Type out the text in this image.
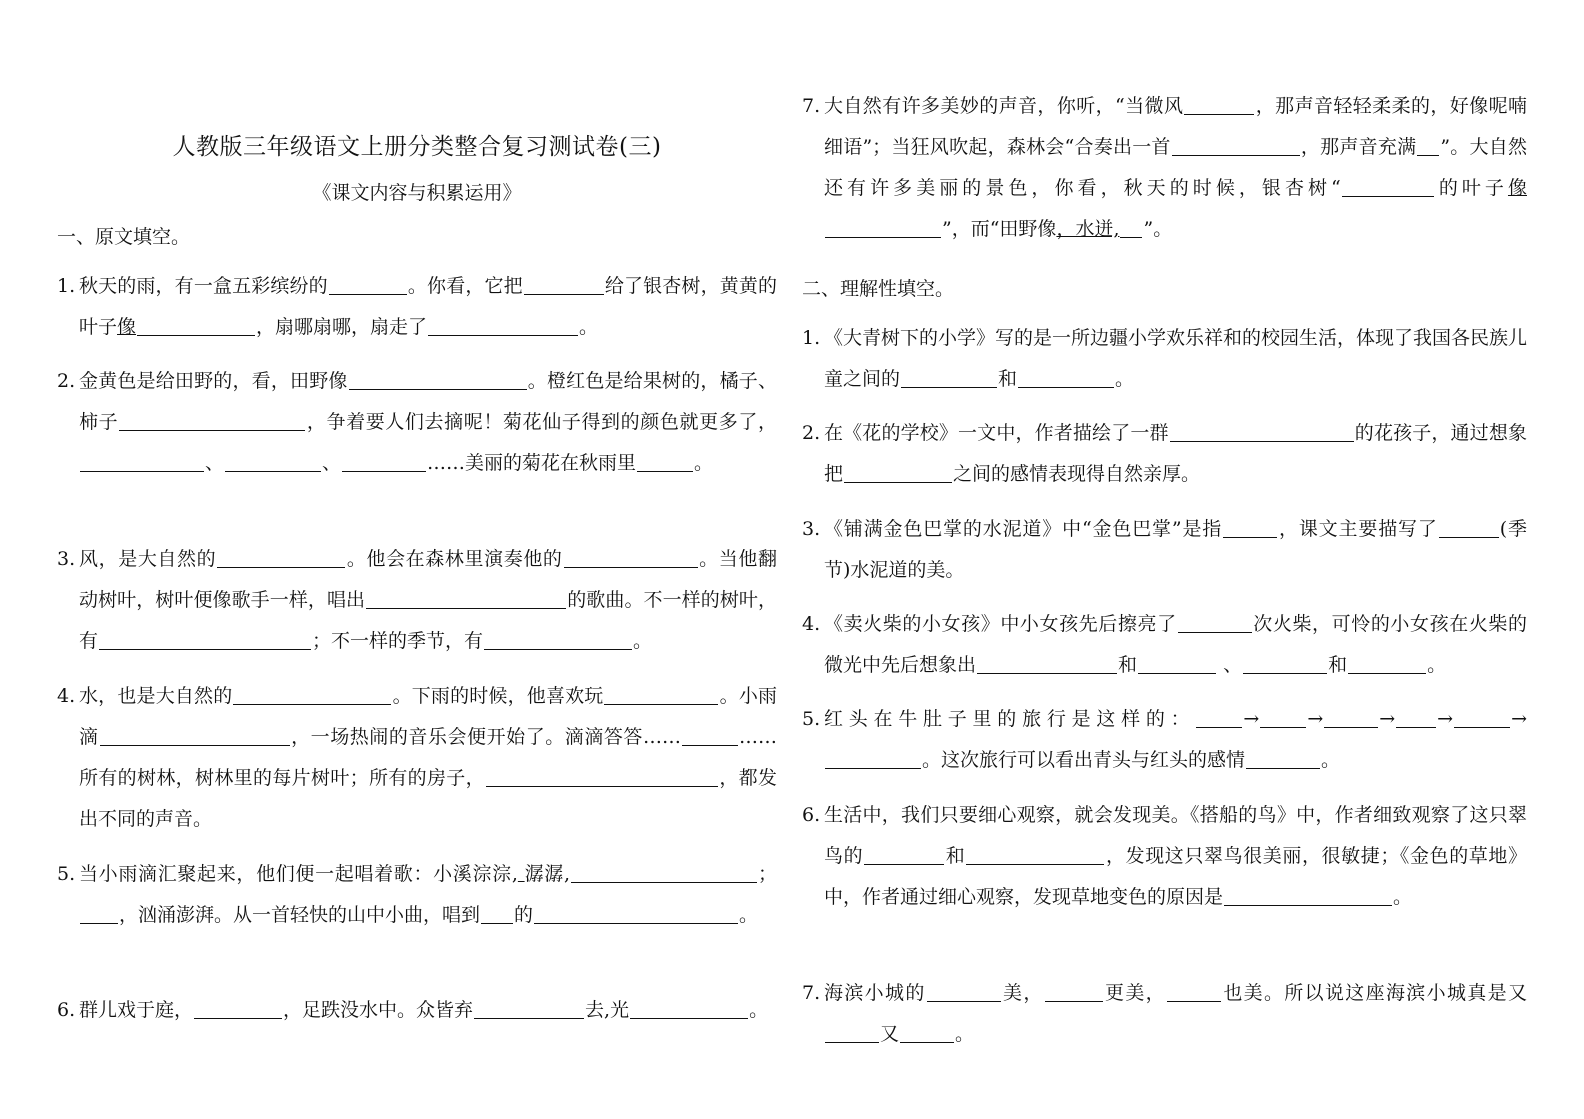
人教版三年级语文上册分类整合复习测试卷(三)
《课文内容与积累运用》
一、原文填空。
1. 秋天的雨，有一盒五彩缤纷的	。你看，它把	给了银杏树，黄黄的叶子像	，扇哪扇哪，扇走了	。
2. 金黄色是给田野的，看，田野像	。橙红色是给果树的，橘子、柿子	，争着要人们去摘呢！菊花仙子得到的颜色就更多了，、	、	……美丽的菊花在秋雨里	。
3. 风，是大自然的	。他会在森林里演奏他的	。当他翻动树叶，树叶便像歌手一样，唱出	的歌曲。不一样的树叶，有	；不一样的季节，有	。
4. 水，也是大自然的	。下雨的时候，他喜欢玩	。小雨滴	，一场热闹的音乐会便开始了。滴滴答答……	……所有的树林，树林里的每片树叶；所有的房子，	，都发出不同的声音。
5. 当小雨滴汇聚起来，他们便一起唱着歌：小溪淙淙, 潺潺,	；，汹涌澎湃。从一首轻快的山中小曲，唱到 的	。
6. 群儿戏于庭，	，足跌没水中。众皆弃	去,光	。
7. 大自然有许多美妙的声音，你听，“当微风	，那声音轻轻柔柔的，好像呢喃细语”；当狂风吹起，森林会“合奏出一首	，那声音充满 ”。大自然还有许多美丽的景色，你看，秋天的时候，银杏树“	的叶子像”，而“田野像，水迸, ”。
二、理解性填空。
1. 《大青树下的小学》写的是一所边疆小学欢乐祥和的校园生活，体现了我国各民族儿童之间的	和	。
2. 在《花的学校》一文中，作者描绘了一群	的花孩子，通过想象把	之间的感情表现得自然亲厚。
3. 《铺满金色巴掌的水泥道》中“金色巴掌”是指	，课文主要描写了	(季节)水泥道的美。
4. 《卖火柴的小女孩》中小女孩先后擦亮了	次火柴，可怜的小女孩在火柴的微光中先后想象出	和	、	和	。
5. 红头在牛肚子里的旅行是这样的：	→	→	→ →	→。这次旅行可以看出青头与红头的感情	。
6. 生活中，我们只要细心观察，就会发现美。《搭船的鸟》中，作者细致观察了这只翠鸟的	和	，发现这只翠鸟很美丽，很敏捷；《金色的草地》中，作者通过细心观察，发现草地变色的原因是	。
7. 海滨小城的	美，	更美，	也美。所以说这座海滨小城真是又又	。
